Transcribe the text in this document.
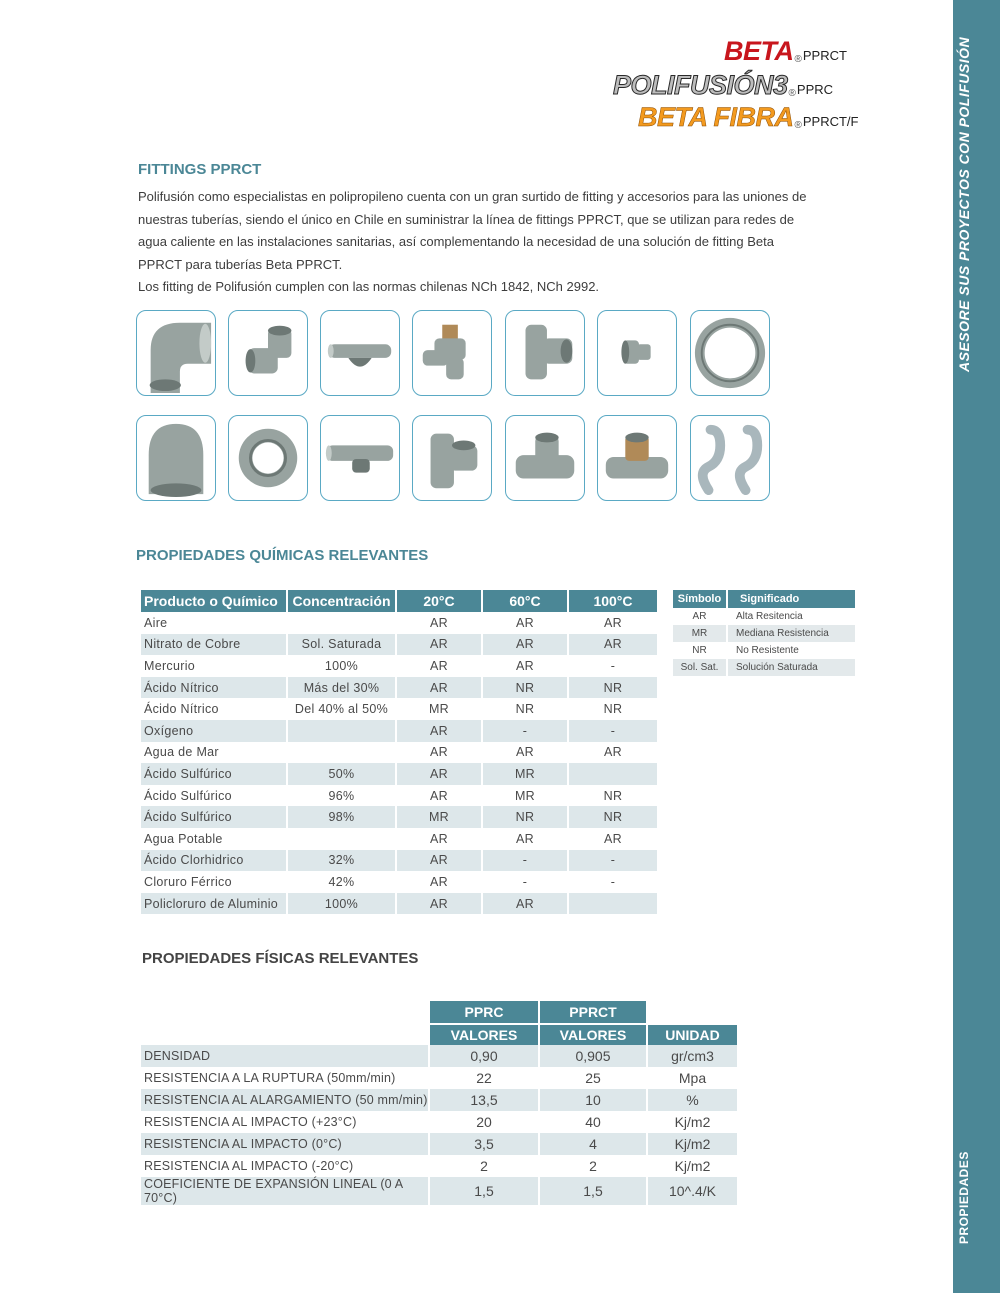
ASESORE SUS PROYECTOS CON POLIFUSIÓN
PROPIEDADES
BETA®PPRCT
POLIFUSIÓN3®PPRC
BETA FIBRA®PPRCT/F
FITTINGS PPRCT

Polifusión como especialistas en polipropileno cuenta con un gran surtido de fitting y accesorios para las uniones de nuestras tuberías, siendo el único en Chile en suministrar la línea de fittings PPRCT, que se utilizan para redes de agua caliente en las instalaciones sanitarias, así complementando la necesidad de una solución de fitting Beta PPRCT para tuberías Beta PPRCT.

Los fitting de Polifusión cumplen con las normas chilenas NCh 1842, NCh 2992.

PROPIEDADES QUÍMICAS RELEVANTES
Producto o Químico	Concentración	20°C	60°C	100°C
Aire		AR	AR	AR
Nitrato de Cobre	Sol. Saturada	AR	AR	AR
Mercurio	100%	AR	AR	-
Ácido Nítrico	Más del 30%	AR	NR	NR
Ácido Nítrico	Del 40% al 50%	MR	NR	NR
Oxígeno		AR	-	-
Agua de Mar		AR	AR	AR
Ácido Sulfúrico	50%	AR	MR	
Ácido Sulfúrico	96%	AR	MR	NR
Ácido Sulfúrico	98%	MR	NR	NR
Agua Potable		AR	AR	AR
Ácido Clorhidrico	32%	AR	-	-
Cloruro Férrico	42%	AR	-	-
Policloruro de Aluminio	100%	AR	AR	
Símbolo	Significado
AR	Alta Resitencia
MR	Mediana Resistencia
NR	No Resistente
Sol. Sat.	Solución Saturada
PROPIEDADES FÍSICAS RELEVANTES
	PPRC	PPRCT	
	VALORES	VALORES	UNIDAD
DENSIDAD	0,90	0,905	gr/cm3
RESISTENCIA A LA RUPTURA (50mm/min)	22	25	Mpa
RESISTENCIA AL ALARGAMIENTO (50 mm/min)	13,5	10	%
RESISTENCIA AL IMPACTO (+23°C)	20	40	Kj/m2
RESISTENCIA AL IMPACTO (0°C)	3,5	4	Kj/m2
RESISTENCIA AL IMPACTO (-20°C)	2	2	Kj/m2
COEFICIENTE DE EXPANSIÓN LINEAL (0 A 70°C)	1,5	1,5	10^.4/K
